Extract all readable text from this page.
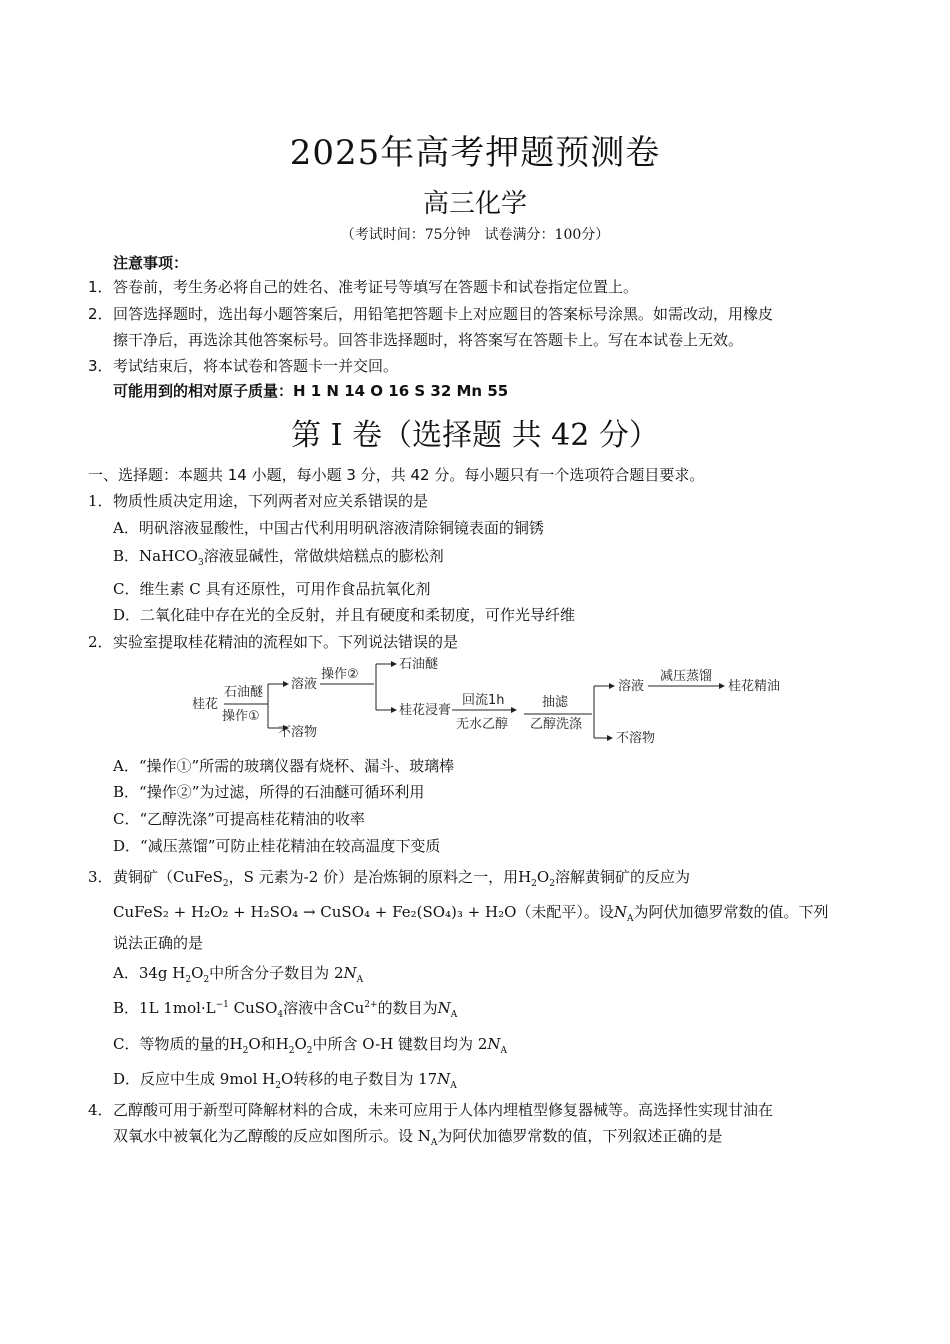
2025年高考押题预测卷
高三化学
（考试时间：75分钟　试卷满分：100分）
注意事项：
1． 答卷前，考生务必将自己的姓名、准考证号等填写在答题卡和试卷指定位置上。
2． 回答选择题时，选出每小题答案后，用铅笔把答题卡上对应题目的答案标号涂黑。如需改动，用橡皮
擦干净后，再选涂其他答案标号。回答非选择题时，将答案写在答题卡上。写在本试卷上无效。
3． 考试结束后，将本试卷和答题卡一并交回。
可能用到的相对原子质量：H 1 N 14 O 16 S 32 Mn 55
第 I 卷（选择题 共 42 分）
一、选择题：本题共 14 小题，每小题 3 分，共 42 分。每小题只有一个选项符合题目要求。
1． 物质性质决定用途，下列两者对应关系错误的是
A．明矾溶液显酸性，中国古代利用明矾溶液清除铜镜表面的铜锈
B．NaHCO$_3$溶液显碱性，常做烘焙糕点的膨松剂
C．维生素 C 具有还原性，可用作食品抗氧化剂
D．二氧化硅中存在光的全反射，并且有硬度和柔韧度，可作光导纤维
2． 实验室提取桂花精油的流程如下。下列说法错误的是
桂花
石油醚
操作①
溶液
操作②
不溶物
石油醚
桂花浸膏
回流1h
无水乙醇
抽滤
乙醇洗涤
溶液
减压蒸馏
桂花精油
不溶物
A．“操作①”所需的玻璃仪器有烧杯、漏斗、玻璃棒
B．“操作②”为过滤，所得的石油醚可循环利用
C．“乙醇洗涤”可提高桂花精油的收率
D．“减压蒸馏”可防止桂花精油在较高温度下变质
3． 黄铜矿（CuFeS$_2$，S 元素为-2 价）是冶炼铜的原料之一，用$H_2O_2$溶解黄铜矿的反应为
CuFeS₂ + H₂O₂ + H₂SO₄ → CuSO₄ + Fe₂(SO₄)₃ + H₂O（未配平）。设$N_A$为阿伏加德罗常数的值。下列
说法正确的是
A．34g $H_2O_2$中所含分子数目为 $2N_A$
B．1L $1mol\cdot L^{-1}$ CuSO$_4$溶液中含$Cu^{2+}$的数目为$N_A$
C．等物质的量的$H_2O$和$H_2O_2$中所含 O-H 键数目均为 $2N_A$
D．反应中生成 9mol $H_2O$转移的电子数目为 $17N_A$
4． 乙醇酸可用于新型可降解材料的合成，未来可应用于人体内埋植型修复器械等。高选择性实现甘油在
双氧水中被氧化为乙醇酸的反应如图所示。设 $N_A$为阿伏加德罗常数的值，下列叙述正确的是
